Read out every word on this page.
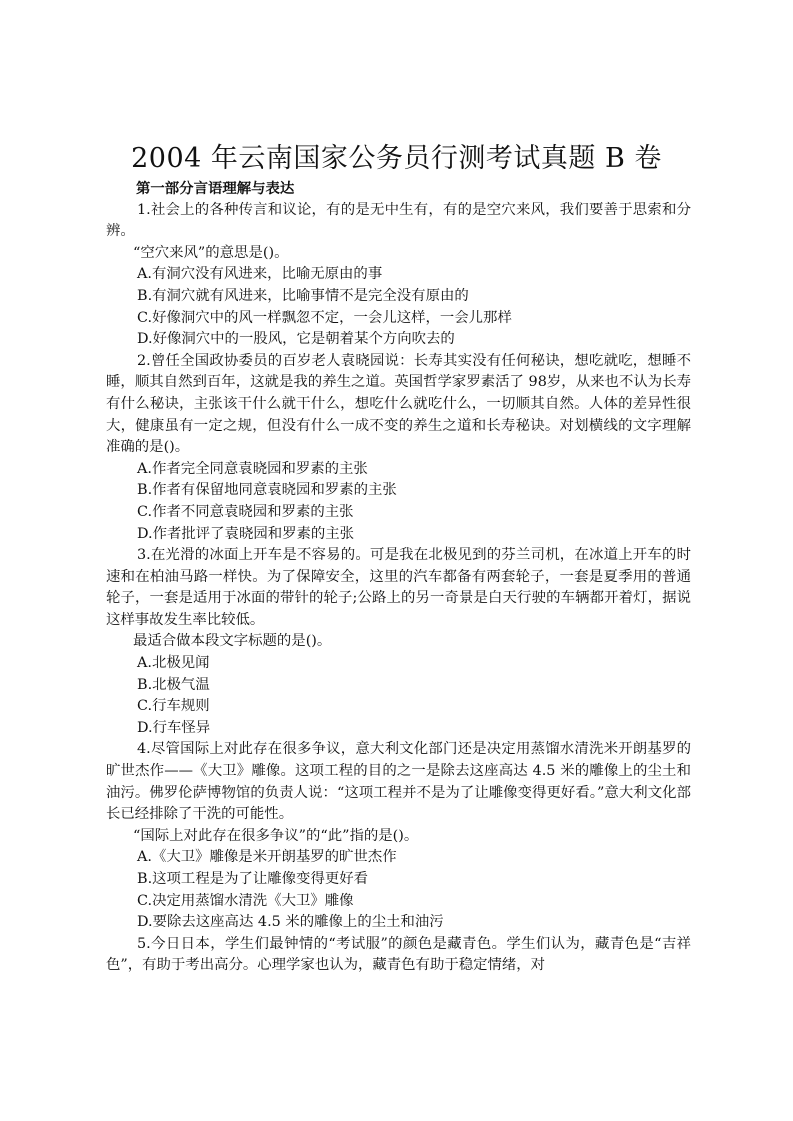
2004 年云南国家公务员行测考试真题 B 卷

第一部分言语理解与表达

1.社会上的各种传言和议论，有的是无中生有，有的是空穴来风，我们要善于思索和分辨。

“空穴来风”的意思是()。

A.有洞穴没有风进来，比喻无原由的事

B.有洞穴就有风进来，比喻事情不是完全没有原由的

C.好像洞穴中的风一样飘忽不定，一会儿这样，一会儿那样

D.好像洞穴中的一股风，它是朝着某个方向吹去的

2.曾任全国政协委员的百岁老人袁晓园说：长寿其实没有任何秘诀，想吃就吃，想睡不睡，顺其自然到百年，这就是我的养生之道。英国哲学家罗素活了 98岁，从来也不认为长寿有什么秘诀，主张该干什么就干什么，想吃什么就吃什么，一切顺其自然。人体的差异性很大，健康虽有一定之规，但没有什么一成不变的养生之道和长寿秘诀。对划横线的文字理解准确的是()。

A.作者完全同意袁晓园和罗素的主张

B.作者有保留地同意袁晓园和罗素的主张

C.作者不同意袁晓园和罗素的主张

D.作者批评了袁晓园和罗素的主张

3.在光滑的冰面上开车是不容易的。可是我在北极见到的芬兰司机，在冰道上开车的时速和在柏油马路一样快。为了保障安全，这里的汽车都备有两套轮子，一套是夏季用的普通轮子，一套是适用于冰面的带针的轮子;公路上的另一奇景是白天行驶的车辆都开着灯，据说这样事故发生率比较低。

最适合做本段文字标题的是()。

A.北极见闻

B.北极气温

C.行车规则

D.行车怪异

4.尽管国际上对此存在很多争议，意大利文化部门还是决定用蒸馏水清洗米开朗基罗的旷世杰作——《大卫》雕像。这项工程的目的之一是除去这座高达 4.5 米的雕像上的尘土和油污。佛罗伦萨博物馆的负责人说：“这项工程并不是为了让雕像变得更好看。”意大利文化部长已经排除了干洗的可能性。

“国际上对此存在很多争议”的“此”指的是()。

A.《大卫》雕像是米开朗基罗的旷世杰作

B.这项工程是为了让雕像变得更好看

C.决定用蒸馏水清洗《大卫》雕像

D.要除去这座高达 4.5 米的雕像上的尘土和油污

5.今日日本，学生们最钟情的“考试服”的颜色是藏青色。学生们认为，藏青色是“吉祥色”，有助于考出高分。心理学家也认为，藏青色有助于稳定情绪，对
